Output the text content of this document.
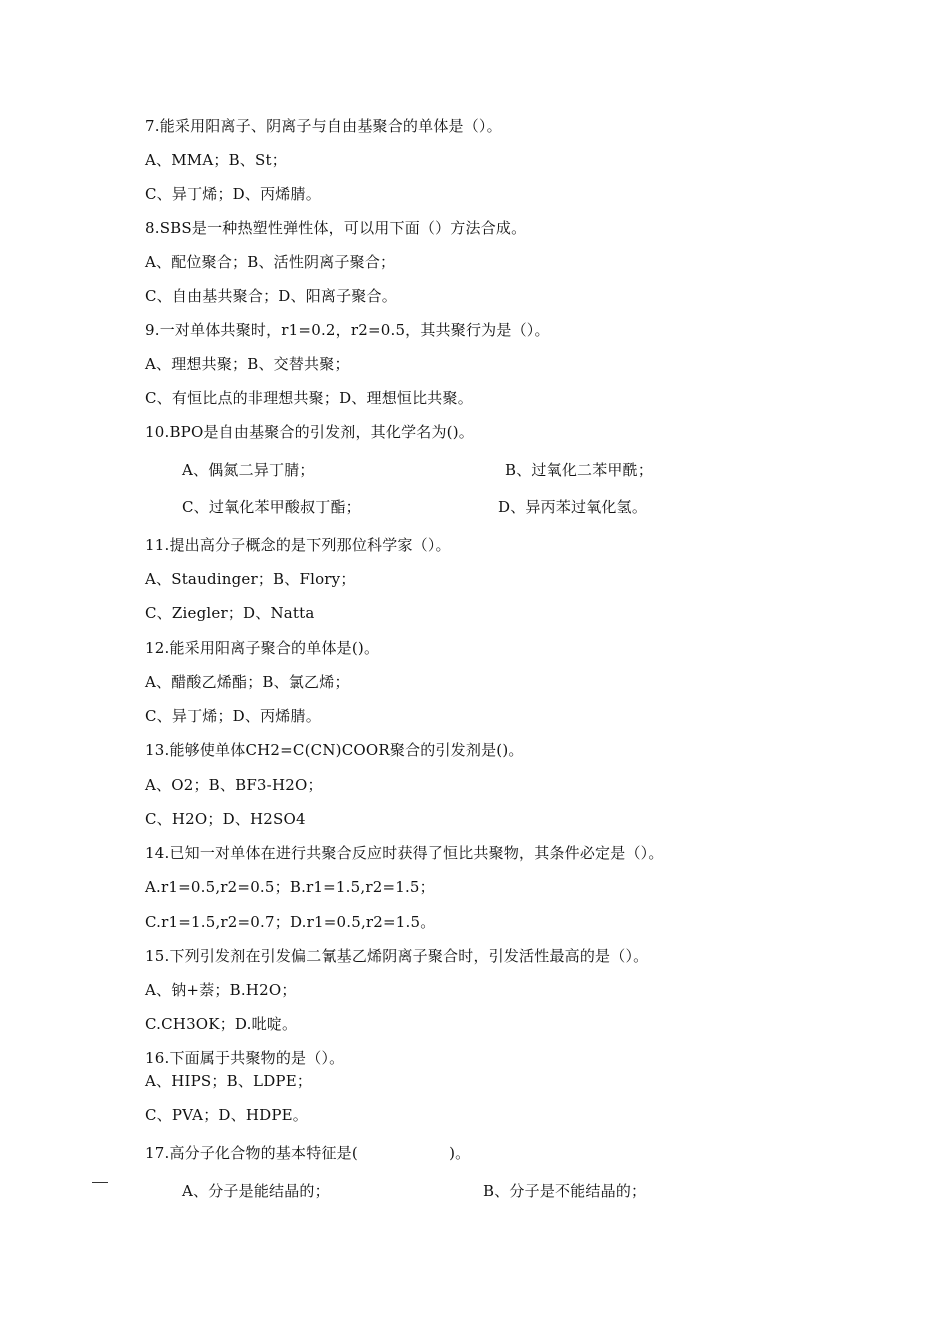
7.能采用阳离子、阴离子与自由基聚合的单体是（）。
A、MMA；B、St；
C、异丁烯；D、丙烯腈。
8.SBS是一种热塑性弹性体，可以用下面（）方法合成。
A、配位聚合；B、活性阴离子聚合；
C、自由基共聚合；D、阳离子聚合。
9.一对单体共聚时，r1=0.2，r2=0.5，其共聚行为是（）。
A、理想共聚；B、交替共聚；
C、有恒比点的非理想共聚；D、理想恒比共聚。
10.BPO是自由基聚合的引发剂，其化学名为()。
A、偶氮二异丁腈；	B、过氧化二苯甲酰；
C、过氧化苯甲酸叔丁酯；	D、异丙苯过氧化氢。
11.提出高分子概念的是下列那位科学家（）。
A、Staudinger；B、Flory；
C、Ziegler；D、Natta
12.能采用阳离子聚合的单体是()。
A、醋酸乙烯酯；B、氯乙烯；
C、异丁烯；D、丙烯腈。
13.能够使单体CH2=C(CN)COOR聚合的引发剂是()。
A、O2；B、BF3-H2O；
C、H2O；D、H2SO4
14.已知一对单体在进行共聚合反应时获得了恒比共聚物，其条件必定是（）。
A.r1=0.5,r2=0.5；B.r1=1.5,r2=1.5；
C.r1=1.5,r2=0.7；D.r1=0.5,r2=1.5。
15.下列引发剂在引发偏二氰基乙烯阴离子聚合时，引发活性最高的是（）。
A、钠+萘；B.H2O；
C.CH3OK；D.吡啶。
16.下面属于共聚物的是（）。
A、HIPS；B、LDPE；
C、PVA；D、HDPE。
17.高分子化合物的基本特征是(　　　　　　)。
A、分子是能结晶的；	B、分子是不能结晶的；
